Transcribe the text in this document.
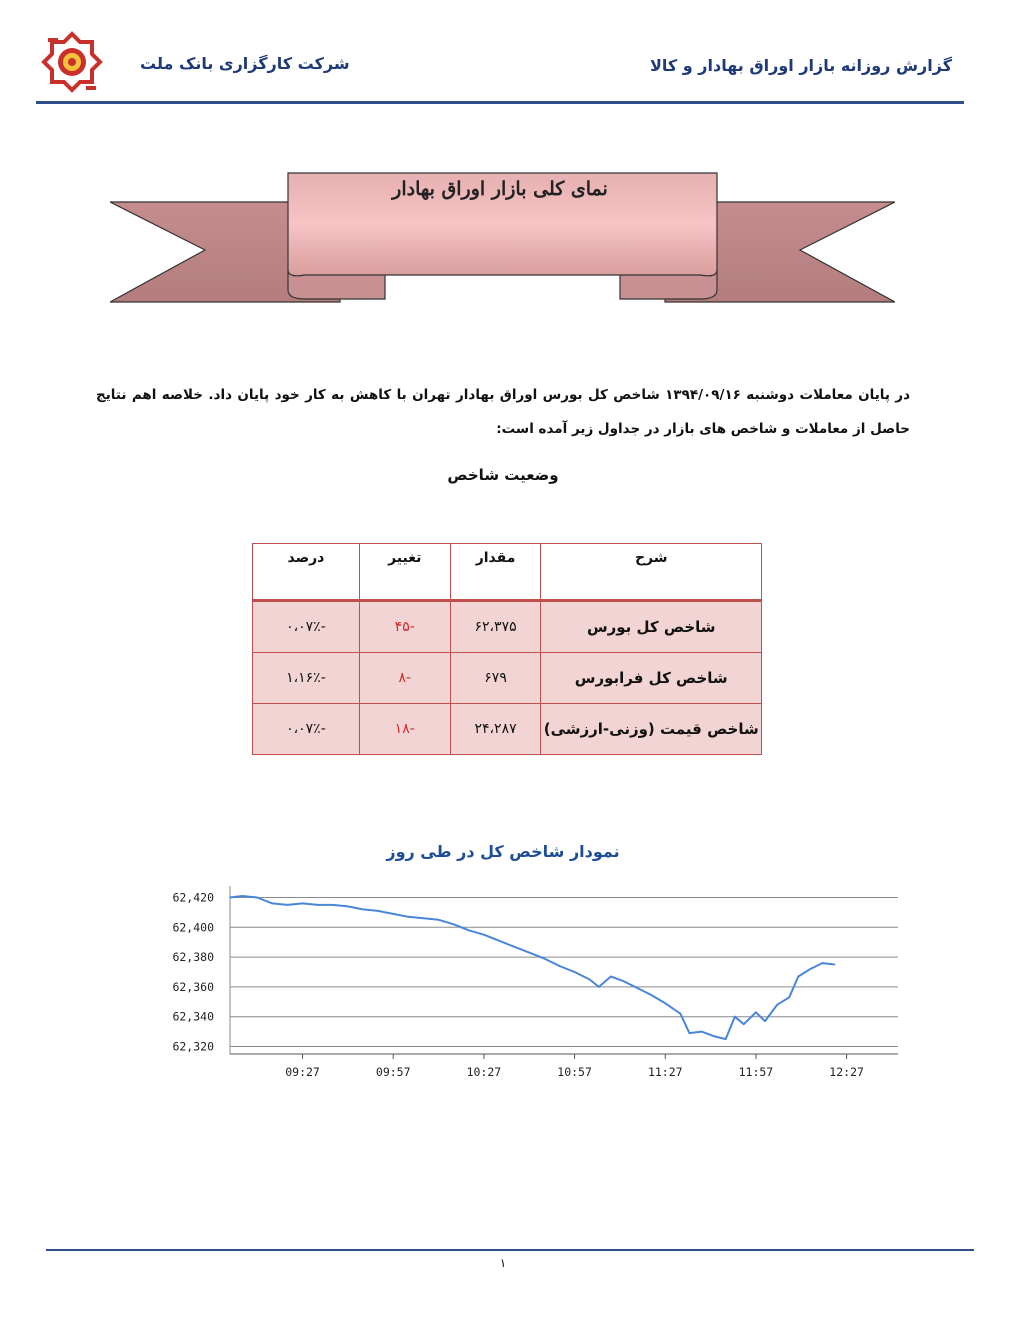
گزارش روزانه بازار اوراق بهادار و کالا
شرکت کارگزاری بانک ملت
نمای کلی بازار اوراق بهادار
در پایان معاملات دوشنبه ۱۳۹۴/۰۹/۱۶ شاخص کل بورس اوراق بهادار تهران با کاهش به کار خود پایان داد. خلاصه اهم نتایج حاصل از معاملات و شاخص های بازار در جداول زیر آمده است:
وضعیت شاخص
شرح	مقدار	تغییر	درصد
شاخص کل بورس	۶۲،۳۷۵	-۴۵	-۰،۰۷٪
شاخص کل فرابورس	۶۷۹	-۸	-۱،۱۶٪
شاخص قیمت (وزنی-ارزشی)	۲۴،۲۸۷	-۱۸	-۰،۰۷٪
نمودار شاخص کل در طی روز
62,320
62,340
62,360
62,380
62,400
62,420
09:27	09:57	10:27	10:57	11:27	11:57	12:27
۱
